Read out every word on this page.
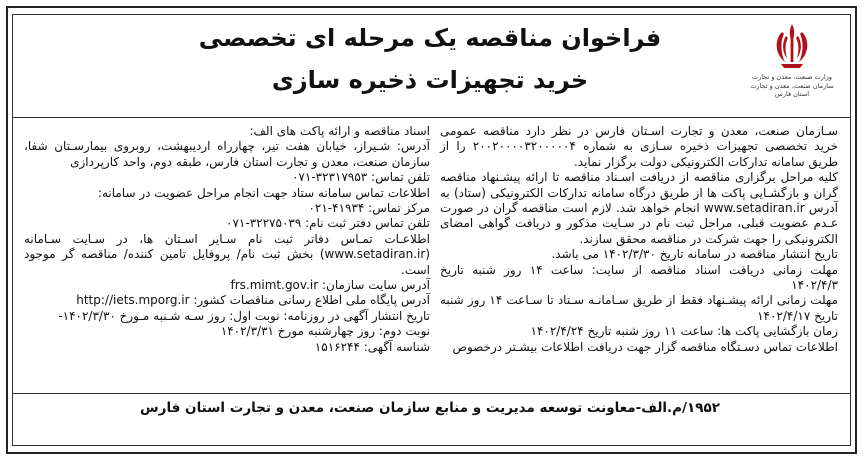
وزارت صنعت، معدن و تجارت
سازمان صنعت، معدن و تجارت استان فارس
فراخوان مناقصه یک مرحله ای تخصصی
خرید تجهیزات ذخیره سازی

سـازمان صنعت، معدن و تجارت اسـتان فارس در نظر دارد مناقصه عمومی خرید تخصصی تجهیزات ذخیره سـازی به شماره ۲۰۰۲۰۰۰۰۳۲۰۰۰۰۰۴ را از طریق سامانه تدارکات الکترونیکی دولت برگزار نماید.

کلیه مراحل برگزاری مناقصه از دریافت اسـناد مناقصه تا ارائه پیشـنهاد مناقصه گران و بازگشـایی پاکت ها از طریق درگاه سامانه تدارکات الکترونیکی (ستاد) به آدرس www.setadiran.ir انجام خواهد شد. لازم است مناقصه گران در صورت عـدم عضویت قبلی، مراحل ثبت نام در سـایت مذکور و دریافت گواهی امضای الکترونیکی را جهت شرکت در مناقصه محقق سازند.

تاریخ انتشار مناقصه در سامانه تاریخ ۱۴۰۲/۳/۳۰ می باشد.

مهلت زمانی دریافت اسناد مناقصه از سایت: ساعت ۱۴ روز شنبه تاریخ ۱۴۰۲/۴/۳

مهلت زمانی ارائه پیشـنهاد فقط از طریق سـامانـه سـتاد تا سـاعت ۱۴ روز شنبه تاریخ ۱۴۰۲/۴/۱۷

زمان بازگشایی پاکت ها: ساعت ۱۱ روز شنبه تاریخ ۱۴۰۲/۴/۲۴

اطلاعات تماس دسـتگاه مناقصه گزار جهت دریافت اطلاعات بیشـتر درخصوص

اسناد مناقصه و ارائه پاکت های الف:

آدرس: شـیراز، خیابان هفت تیر، چهارراه اردیبهشت، روبروی بیمارسـتان شفا، سازمان صنعت، معدن و تجارت استان فارس، طبقه دوم، واحد کارپردازی

تلفن تماس: ۳۲۳۱۷۹۵۳-۰۷۱

اطلاعات تماس سامانه ستاد جهت انجام مراحل عضویت در سامانه:

مرکز تماس: ۴۱۹۳۴-۰۲۱

تلفن تماس دفتر ثبت نام: ۳۲۲۷۵۰۳۹-۰۷۱

اطلاعـات تمـاس دفاتر ثبت نام سـایر اسـتان ها، در سـایت سـامانه (www.setadiran.ir) بخش ثبت نام/ پروفایل تامین کننده/ مناقصه گر موجود است.

آدرس سایت سازمان: frs.mimt.gov.ir

آدرس پایگاه ملی اطلاع رسانی مناقصات کشور: http://iets.mporg.ir

تاریخ انتشار آگهی در روزنامه: نوبت اول: روز سـه شـنبه مـورخ ۱۴۰۲/۳/۳۰-

نوبت دوم: روز چهارشنبه مورخ ۱۴۰۲/۳/۳۱

شناسه آگهی: ۱۵۱۶۲۴۴

۱۹۵۲/م.الف-معاونت توسعه مدیریت و منابع سازمان صنعت، معدن و تجارت استان فارس
